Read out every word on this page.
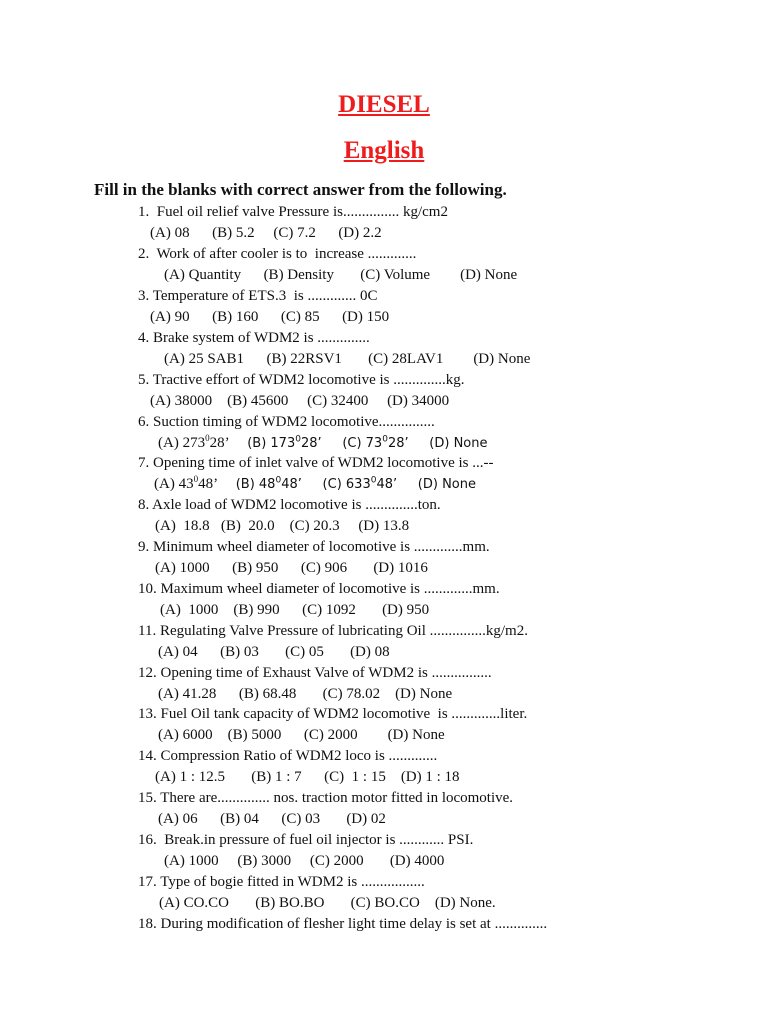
DIESEL
English

Fill in the blanks with correct answer from the following.

1.  Fuel oil relief valve Pressure is............... kg/cm2

(A) 08      (B) 5.2     (C) 7.2      (D) 2.2

2.  Work of after cooler is to  increase .............

(A) Quantity      (B) Density       (C) Volume        (D) None

3. Temperature of ETS.3  is ............. 0C

(A) 90      (B) 160      (C) 85      (D) 150

4. Brake system of WDM2 is ..............

(A) 25 SAB1      (B) 22RSV1       (C) 28LAV1        (D) None

5. Tractive effort of WDM2 locomotive is ..............kg.

(A) 38000    (B) 45600     (C) 32400     (D) 34000

6. Suction timing of WDM2 locomotive...............

(A) $273^028$’     (B) $173^028$’     (C) $73^028$’     (D) None

7. Opening time of inlet valve of WDM2 locomotive is ...--

(A) $43^048$’     (B) $48^048$’     (C) $633^048$’     (D) None

8. Axle load of WDM2 locomotive is ..............ton.

(A)  18.8   (B)  20.0    (C) 20.3     (D) 13.8

9. Minimum wheel diameter of locomotive is .............mm.

(A) 1000      (B) 950      (C) 906       (D) 1016

10. Maximum wheel diameter of locomotive is .............mm.

(A)  1000    (B) 990      (C) 1092       (D) 950

11. Regulating Valve Pressure of lubricating Oil ...............kg/m2.

(A) 04      (B) 03       (C) 05       (D) 08

12. Opening time of Exhaust Valve of WDM2 is ................

(A) 41.28      (B) 68.48       (C) 78.02    (D) None

13. Fuel Oil tank capacity of WDM2 locomotive  is .............liter.

(A) 6000    (B) 5000      (C) 2000        (D) None

14. Compression Ratio of WDM2 loco is .............

(A) 1 : 12.5       (B) 1 : 7      (C)  1 : 15    (D) 1 : 18

15. There are.............. nos. traction motor fitted in locomotive.

(A) 06      (B) 04      (C) 03       (D) 02

16.  Break.in pressure of fuel oil injector is ............ PSI.

(A) 1000     (B) 3000     (C) 2000       (D) 4000

17. Type of bogie fitted in WDM2 is .................

(A) CO.CO       (B) BO.BO       (C) BO.CO    (D) None.

18. During modification of flesher light time delay is set at ..............
